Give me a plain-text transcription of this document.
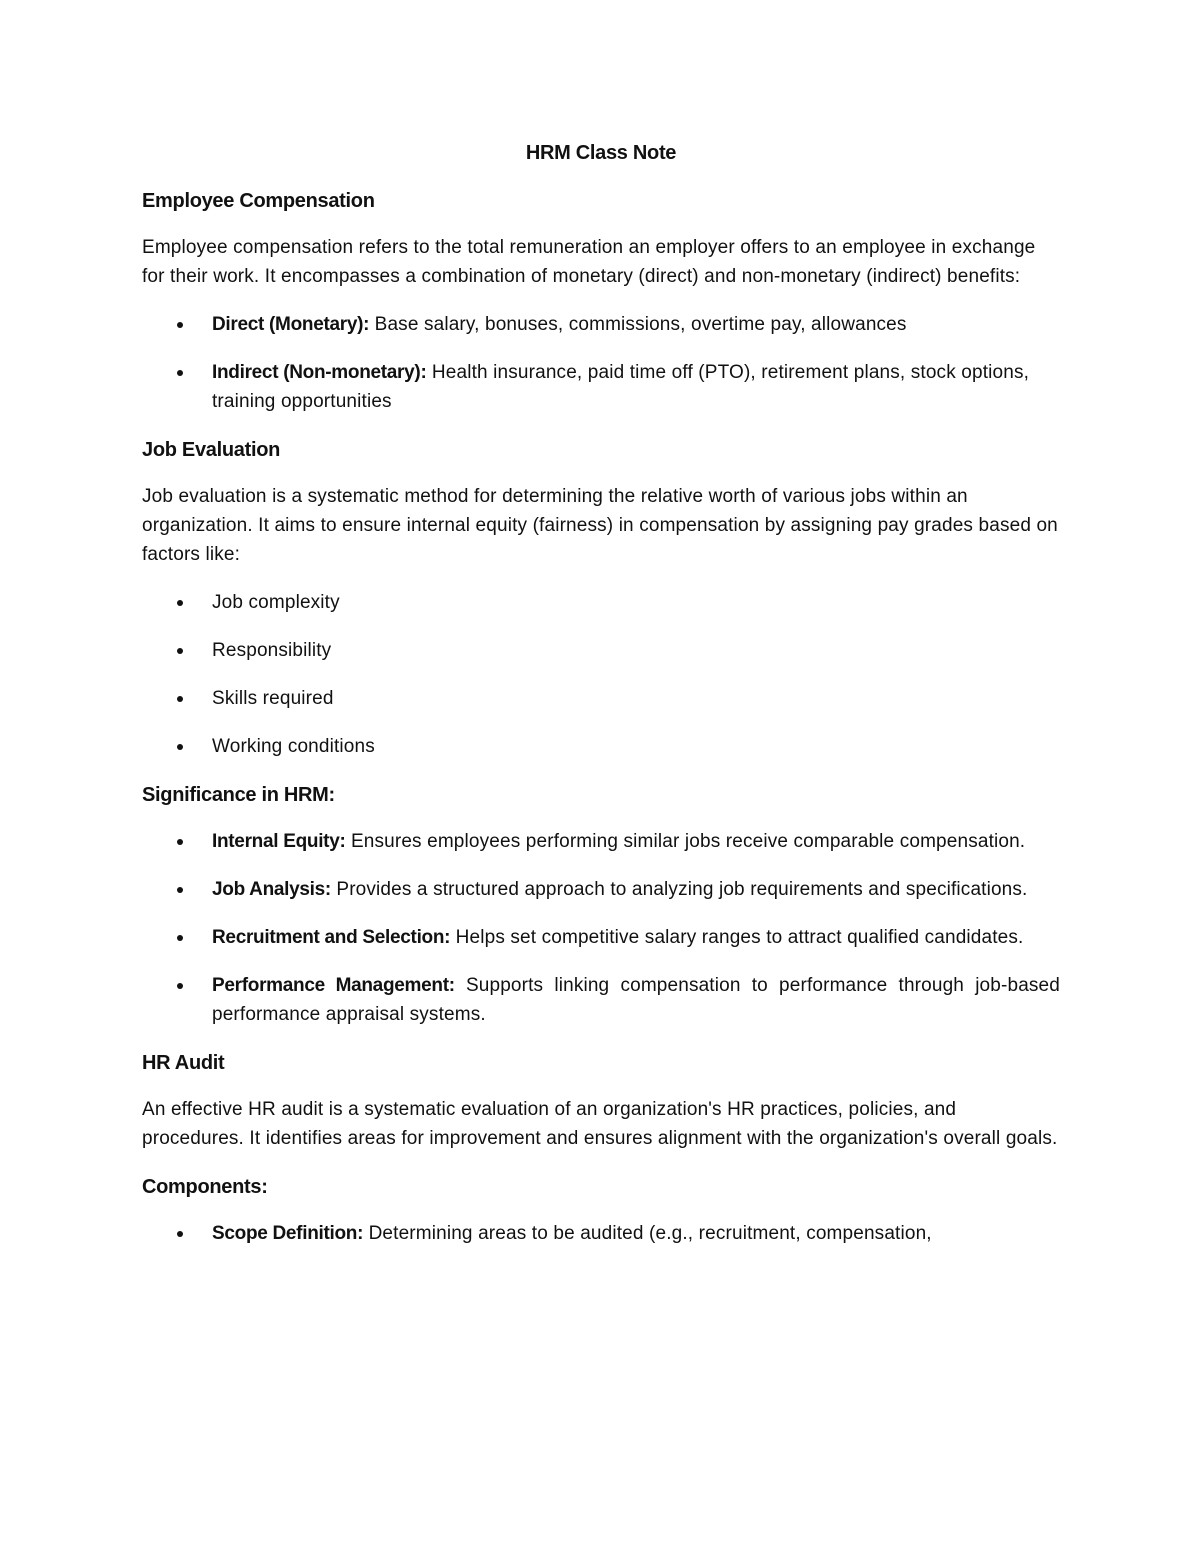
HRM Class Note
Employee Compensation

Employee compensation refers to the total remuneration an employer offers to an employee in exchange for their work. It encompasses a combination of monetary (direct) and non-monetary (indirect) benefits:

Direct (Monetary): Base salary, bonuses, commissions, overtime pay, allowances
Indirect (Non-monetary): Health insurance, paid time off (PTO), retirement plans, stock options, training opportunities
Job Evaluation

Job evaluation is a systematic method for determining the relative worth of various jobs within an organization. It aims to ensure internal equity (fairness) in compensation by assigning pay grades based on factors like:

Job complexity
Responsibility
Skills required
Working conditions
Significance in HRM:
Internal Equity: Ensures employees performing similar jobs receive comparable compensation.
Job Analysis: Provides a structured approach to analyzing job requirements and specifications.
Recruitment and Selection: Helps set competitive salary ranges to attract qualified candidates.
Performance Management: Supports linking compensation to performance through job-based performance appraisal systems.
HR Audit

An effective HR audit is a systematic evaluation of an organization's HR practices, policies, and procedures. It identifies areas for improvement and ensures alignment with the organization's overall goals.

Components:
Scope Definition: Determining areas to be audited (e.g., recruitment, compensation,
